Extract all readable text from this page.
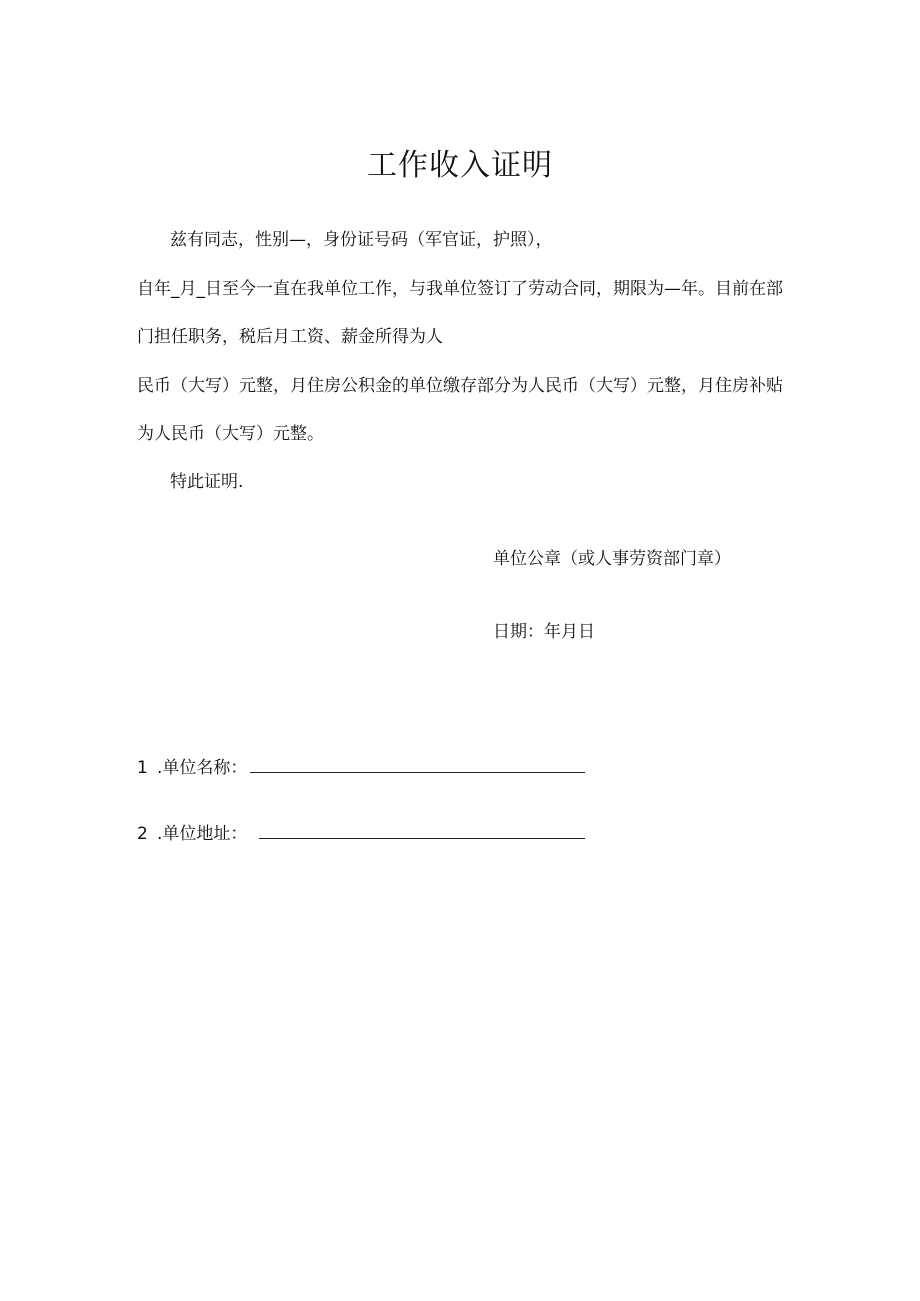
工作收入证明
兹有同志，性别—，身份证号码（军官证，护照），
自年_月_日至今一直在我单位工作，与我单位签订了劳动合同，期限为—年。目前在部
门担任职务，税后月工资、薪金所得为人
民币（大写）元整，月住房公积金的单位缴存部分为人民币（大写）元整，月住房补贴
为人民币（大写）元整。
特此证明.
单位公章（或人事劳资部门章）
日期：年月日
1 .单位名称：
2 .单位地址：
